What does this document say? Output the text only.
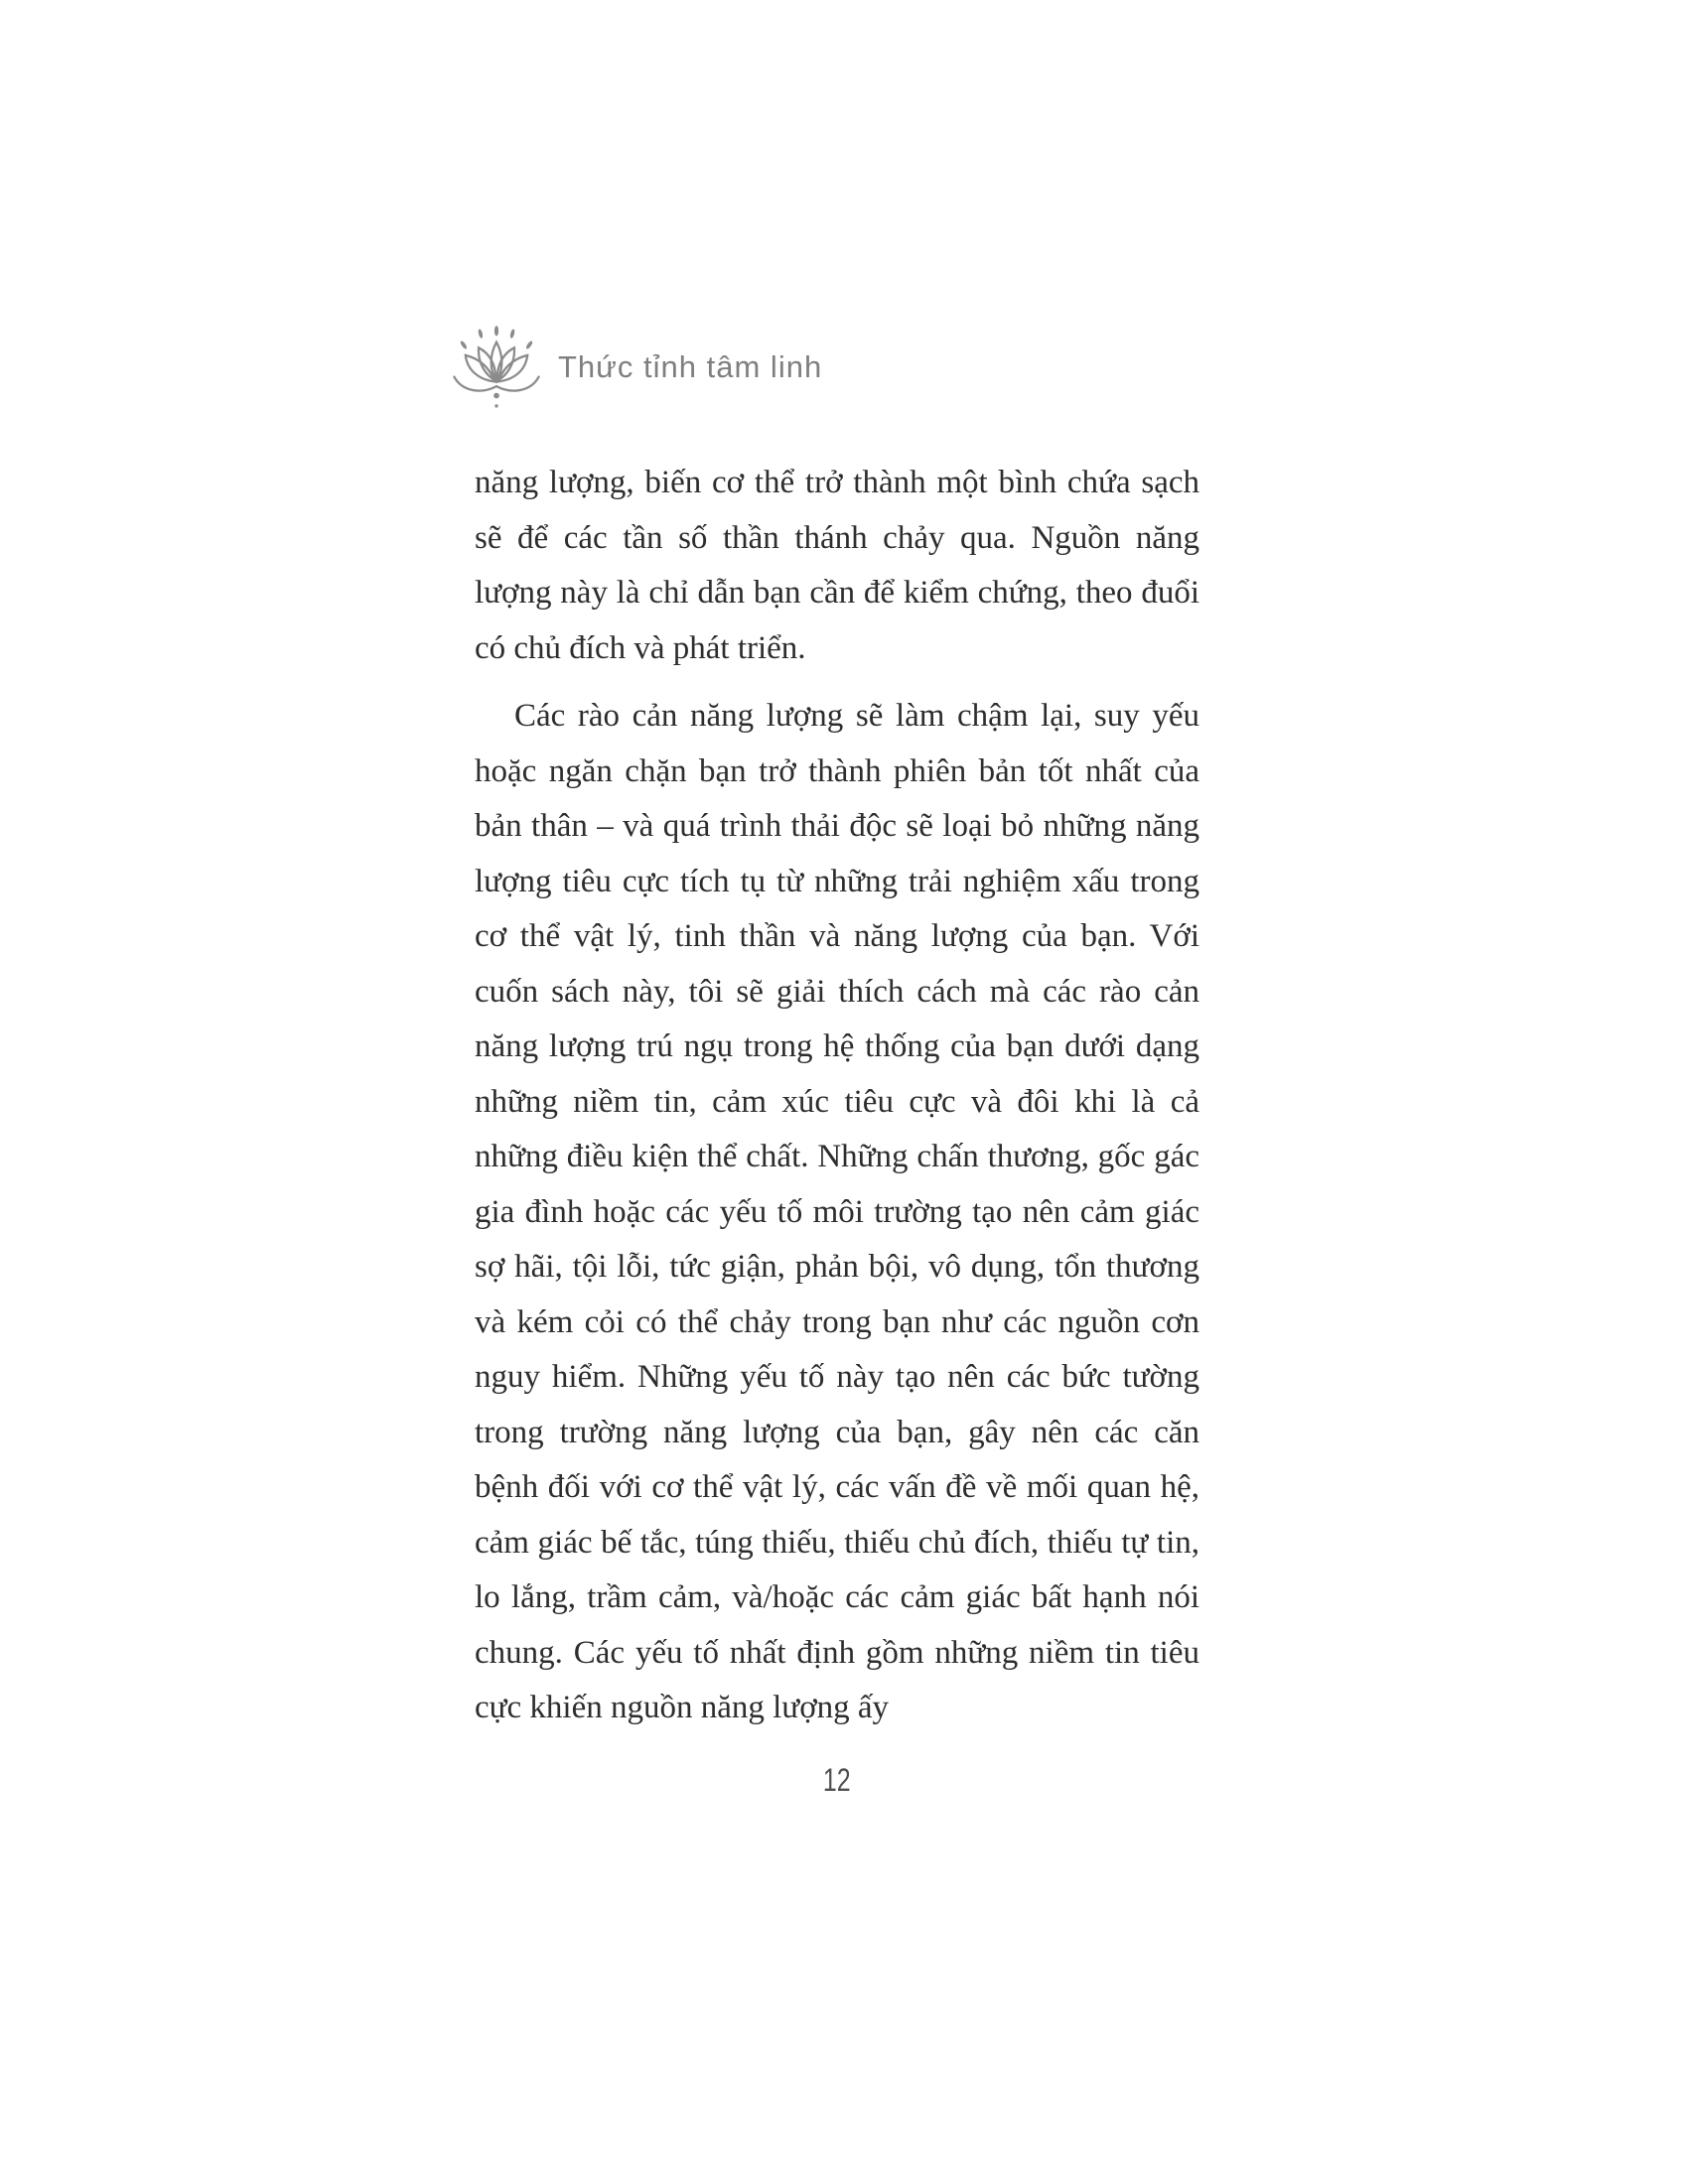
Thức tỉnh tâm linh

năng lượng, biến cơ thể trở thành một bình chứa sạch sẽ để các tần số thần thánh chảy qua. Nguồn năng lượng này là chỉ dẫn bạn cần để kiểm chứng, theo đuổi có chủ đích và phát triển.

Các rào cản năng lượng sẽ làm chậm lại, suy yếu hoặc ngăn chặn bạn trở thành phiên bản tốt nhất của bản thân – và quá trình thải độc sẽ loại bỏ những năng lượng tiêu cực tích tụ từ những trải nghiệm xấu trong cơ thể vật lý, tinh thần và năng lượng của bạn. Với cuốn sách này, tôi sẽ giải thích cách mà các rào cản năng lượng trú ngụ trong hệ thống của bạn dưới dạng những niềm tin, cảm xúc tiêu cực và đôi khi là cả những điều kiện thể chất. Những chấn thương, gốc gác gia đình hoặc các yếu tố môi trường tạo nên cảm giác sợ hãi, tội lỗi, tức giận, phản bội, vô dụng, tổn thương và kém cỏi có thể chảy trong bạn như các nguồn cơn nguy hiểm. Những yếu tố này tạo nên các bức tường trong trường năng lượng của bạn, gây nên các căn bệnh đối với cơ thể vật lý, các vấn đề về mối quan hệ, cảm giác bế tắc, túng thiếu, thiếu chủ đích, thiếu tự tin, lo lắng, trầm cảm, và/hoặc các cảm giác bất hạnh nói chung. Các yếu tố nhất định gồm những niềm tin tiêu cực khiến nguồn năng lượng ấy

12
